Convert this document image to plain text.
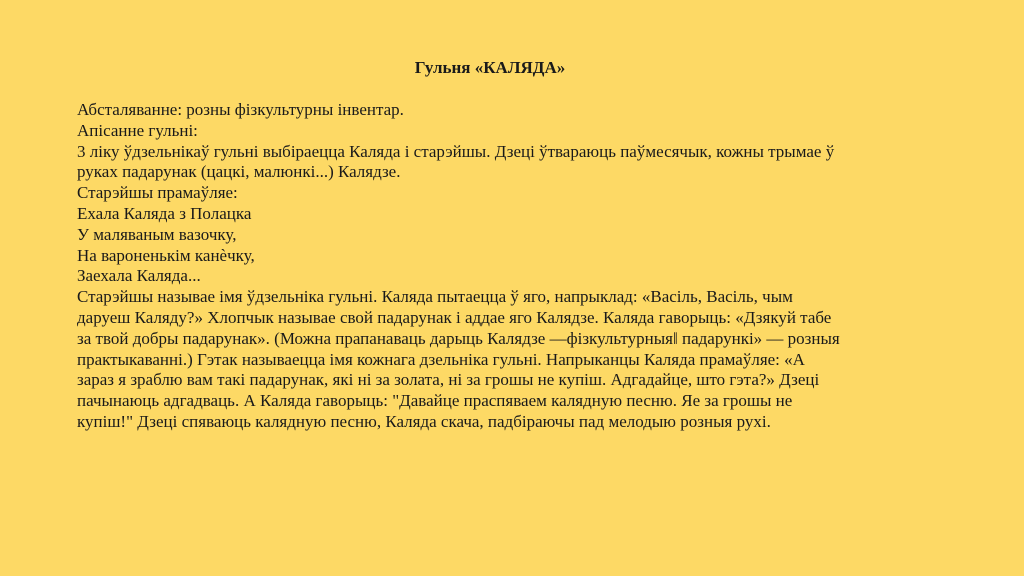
Гульня «КАЛЯДА»
Абсталяванне: розны фізкультурны інвентар.
Апісанне гульні:
3 ліку ўдзельнікаў гульні выбіраецца Каляда і старэйшы. Дзеці ўтвараюць паўмесячык, кожны трымае ў
руках падарунак (цацкі, малюнкі...) Калядзе.
Старэйшы прамаўляе:
Ехала Каляда з Полацка
У маляваным вазочку,
На вароненькім канѐчку,
Заехала Каляда...
Старэйшы называе імя ўдзельніка гульні. Каляда пытаецца ў яго, напрыклад: «Васіль, Васіль, чым
даруеш Каляду?» Хлопчык называе свой падарунак і аддае яго Калядзе. Каляда гаворыць: «Дзякуй табе
за твой добры падарунак». (Можна прапанаваць дарыць Калядзе ―фізкультурныя‖ падарункі» — розныя
практыкаванні.) Гэтак называецца імя кожнага дзельніка гульні. Напрыканцы Каляда прамаўляе: «А
зараз я зраблю вам такі падарунак, які ні за золата, ні за грошы не купіш. Адгадайце, што гэта?» Дзеці
пачынаюць адгадваць. А Каляда гаворыць: "Давайце праспяваем калядную песню. Яе за грошы не
купіш!" Дзеці спяваюць калядную песню, Каляда скача, падбіраючы пад мелодыю розныя рухі.
